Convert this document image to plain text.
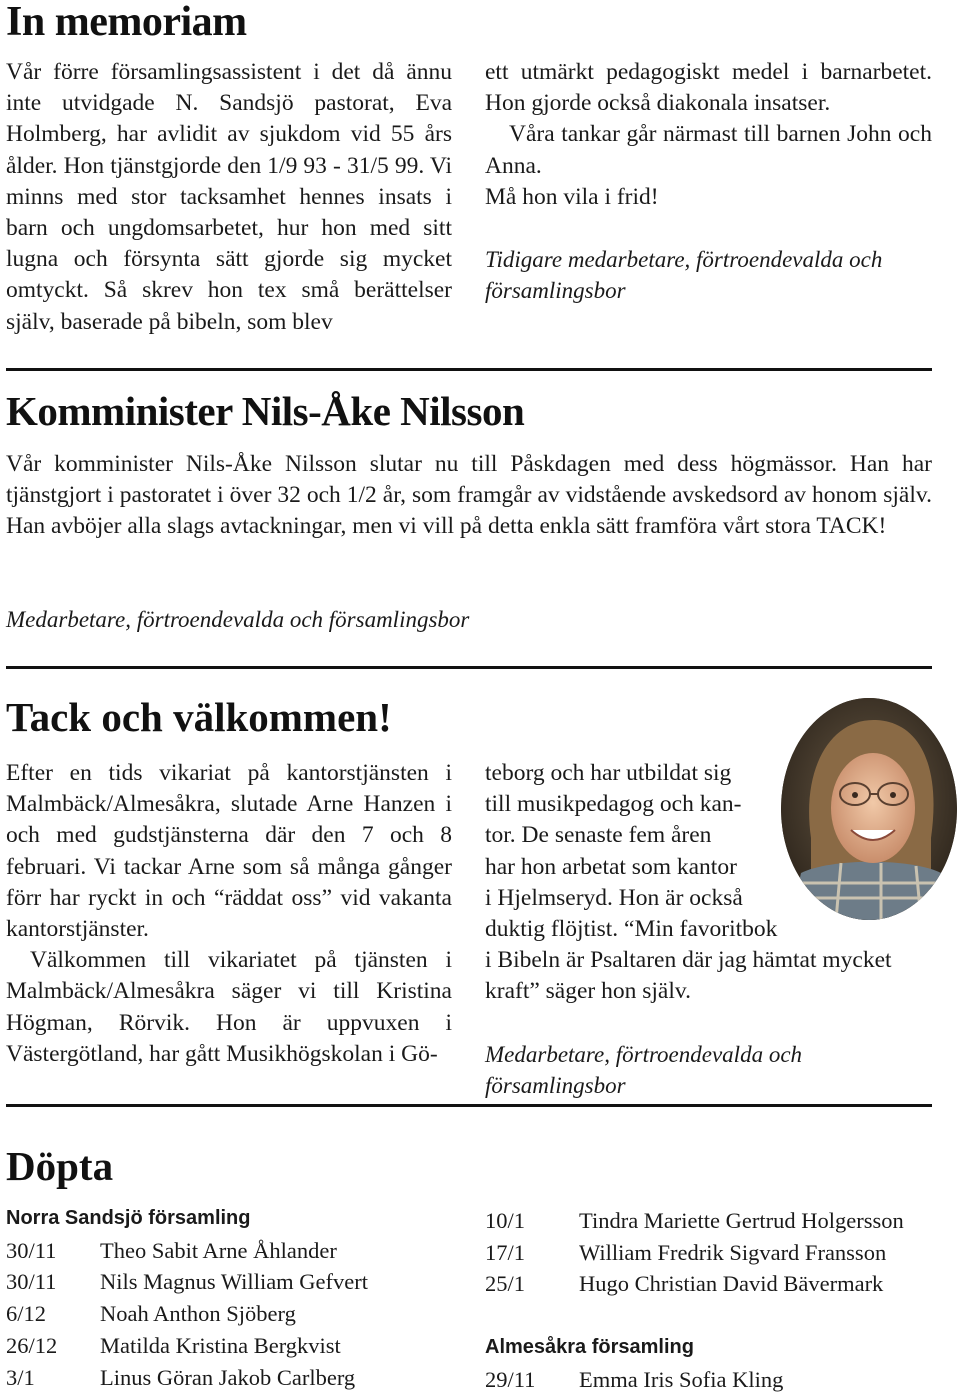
In memoriam
Vår förre församlingsassistent i det då ännu inte utvidgade N. Sandsjö pastorat, Eva Holmberg, har avlidit av sjukdom vid 55 års ålder. Hon tjänstgjorde den 1/9 93 - 31/5 99. Vi minns med stor tacksamhet hennes insats i barn och ungdomsarbetet, hur hon med sitt lugna och försynta sätt gjorde sig mycket omtyckt. Så skrev hon tex små berättelser själv, baserade på bibeln, som blev

ett utmärkt pedagogiskt medel i barnarbetet. Hon gjorde också diakonala insatser.

Våra tankar går närmast till barnen John och Anna.

Må hon vila i frid!

Tidigare medarbetare, förtroendevalda och församlingsbor

Komminister Nils-Åke Nilsson
Vår komminister Nils-Åke Nilsson slutar nu till Påskdagen med dess högmässor. Han har tjänstgjort i pastoratet i över 32 och 1/2 år, som framgår av vidstående avskedsord av honom själv. Han avböjer alla slags avtackningar, men vi vill på detta enkla sätt framföra vårt stora TACK!
Medarbetare, förtroendevalda och församlingsbor
Tack och välkommen!

Efter en tids vikariat på kantorstjänsten i Malmbäck/Almesåkra, slutade Arne Hanzen i och med gudstjänsterna där den 7 och 8 februari. Vi tackar Arne som så många gånger förr har ryckt in och “räddat oss” vid vakanta kantorstjänster.

Välkommen till vikariatet på tjänsten i Malmbäck/Almesåkra säger vi till Kristina Högman, Rörvik. Hon är uppvuxen i Västergötland, har gått Musikhögskolan i Gö-

teborg och har utbildat sig
till musikpedagog och kan-
tor. De senaste fem åren
har hon arbetat som kantor
i Hjelmseryd. Hon är också
duktig flöjtist. “Min favoritbok
i Bibeln är Psaltaren där jag hämtat mycket
kraft” säger hon själv.
Medarbetare, förtroendevalda och församlingsbor
Döpta
Norra Sandsjö församling
30/11	Theo Sabit Arne Åhlander
30/11	Nils Magnus William Gefvert
6/12	Noah Anthon Sjöberg
26/12	Matilda Kristina Bergkvist
3/1	Linus Göran Jakob Carlberg
10/1	Tindra Mariette Gertrud Holgersson
17/1	William Fredrik Sigvard Fransson
25/1	Hugo Christian David Bävermark
Almesåkra församling
29/11	Emma Iris Sofia Kling
